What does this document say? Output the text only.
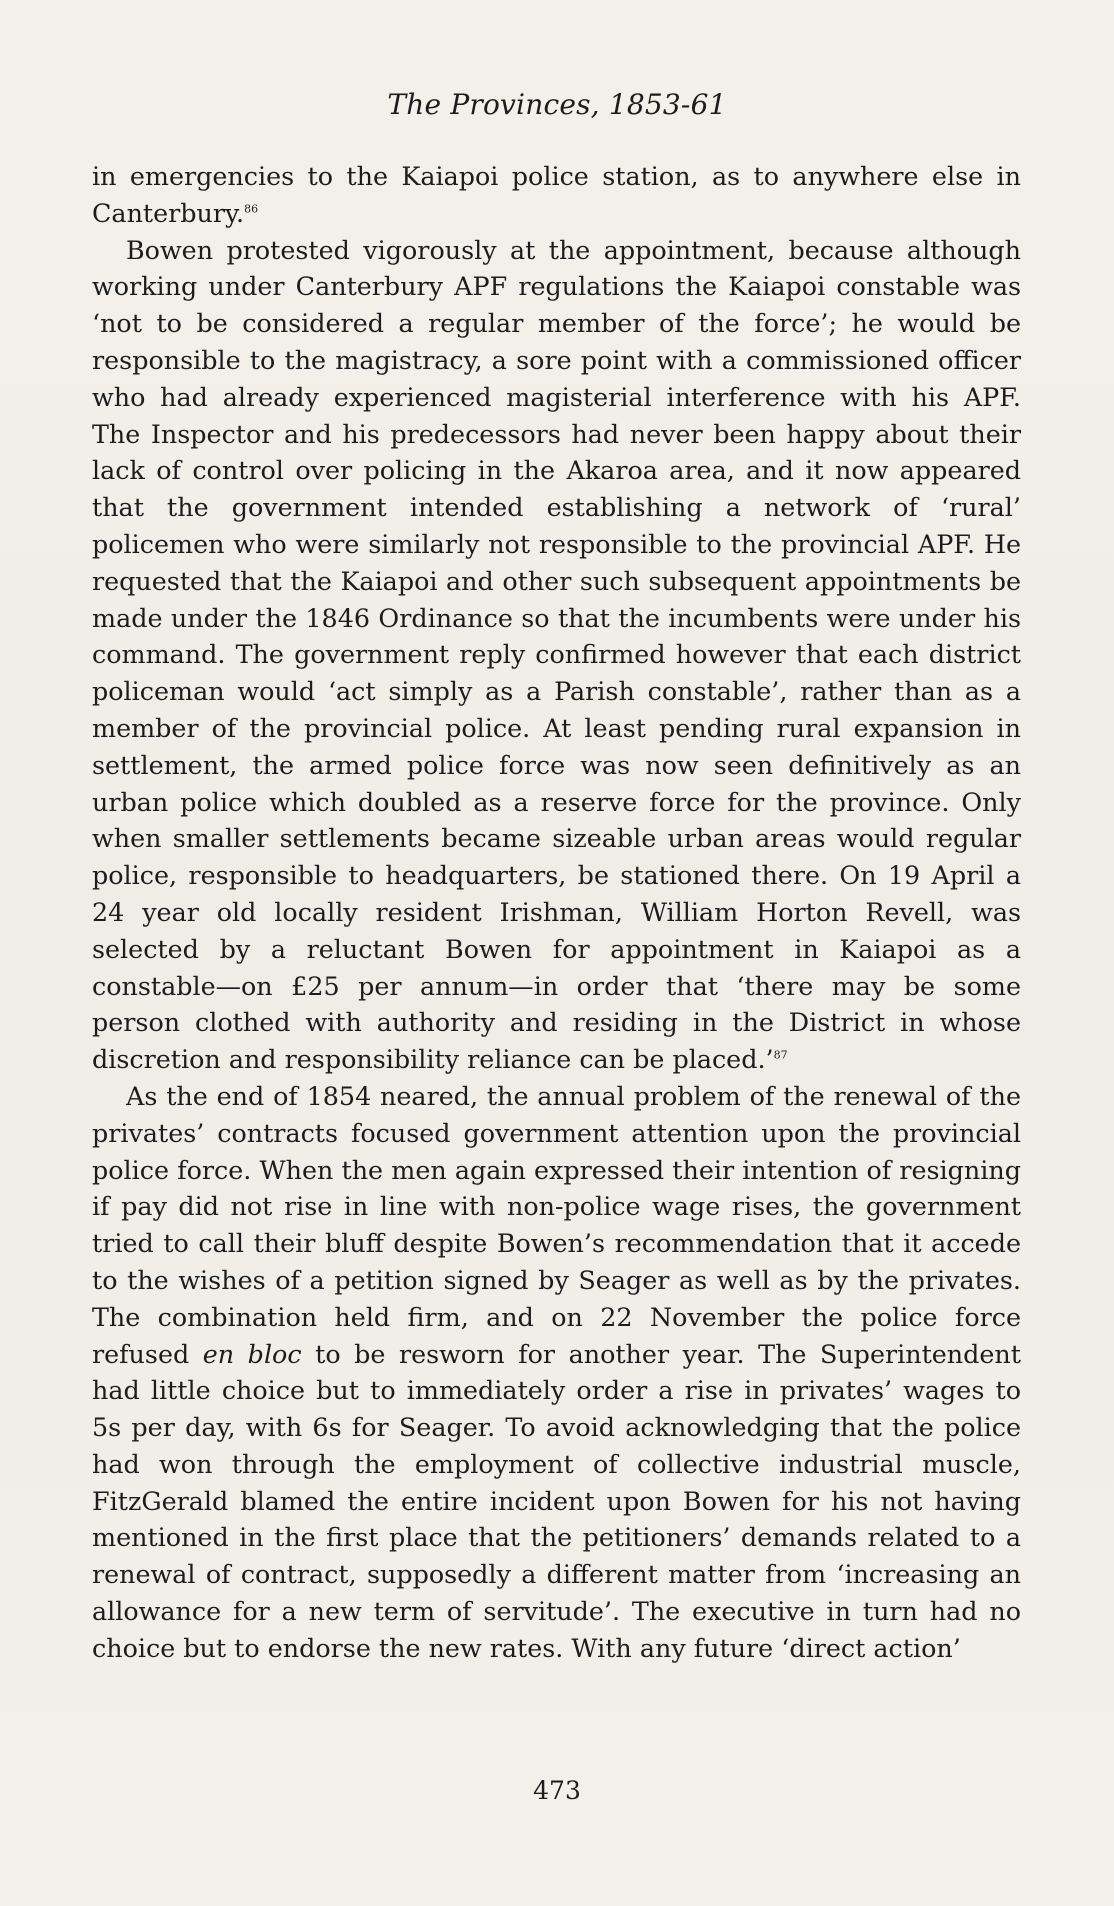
The Provinces, 1853-61

in emergencies to the Kaiapoi police station, as to anywhere else in Canterbury.$^{86}$

Bowen protested vigorously at the appointment, because although working under Canterbury APF regulations the Kaiapoi constable was ‘not to be considered a regular member of the force’; he would be responsible to the magistracy, a sore point with a commissioned officer who had already experienced magisterial interference with his APF. The Inspector and his predecessors had never been happy about their lack of control over policing in the Akaroa area, and it now appeared that the government intended establishing a network of ‘rural’ policemen who were similarly not responsible to the provincial APF. He requested that the Kaiapoi and other such subsequent appointments be made under the 1846 Ordinance so that the incumbents were under his command. The government reply confirmed however that each district policeman would ‘act simply as a Parish constable’, rather than as a member of the provincial police. At least pending rural expansion in settlement, the armed police force was now seen definitively as an urban police which doubled as a reserve force for the province. Only when smaller settlements became sizeable urban areas would regular police, responsible to headquarters, be stationed there. On 19 April a 24 year old locally resident Irishman, William Horton Revell, was selected by a reluctant Bowen for appointment in Kaiapoi as a constable—on £25 per annum—in order that ‘there may be some person clothed with authority and residing in the District in whose discretion and responsibility reliance can be placed.’$^{87}$

As the end of 1854 neared, the annual problem of the renewal of the privates’ contracts focused government attention upon the provincial police force. When the men again expressed their intention of resigning if pay did not rise in line with non-police wage rises, the government tried to call their bluff despite Bowen’s recommendation that it accede to the wishes of a petition signed by Seager as well as by the privates. The combination held firm, and on 22 November the police force refused en bloc to be resworn for another year. The Superintendent had little choice but to immediately order a rise in privates’ wages to 5s per day, with 6s for Seager. To avoid acknowledging that the police had won through the employment of collective industrial muscle, FitzGerald blamed the entire incident upon Bowen for his not having mentioned in the first place that the petitioners’ demands related to a renewal of contract, supposedly a different matter from ‘increasing an allowance for a new term of servitude’. The executive in turn had no choice but to endorse the new rates. With any future ‘direct action’

473
